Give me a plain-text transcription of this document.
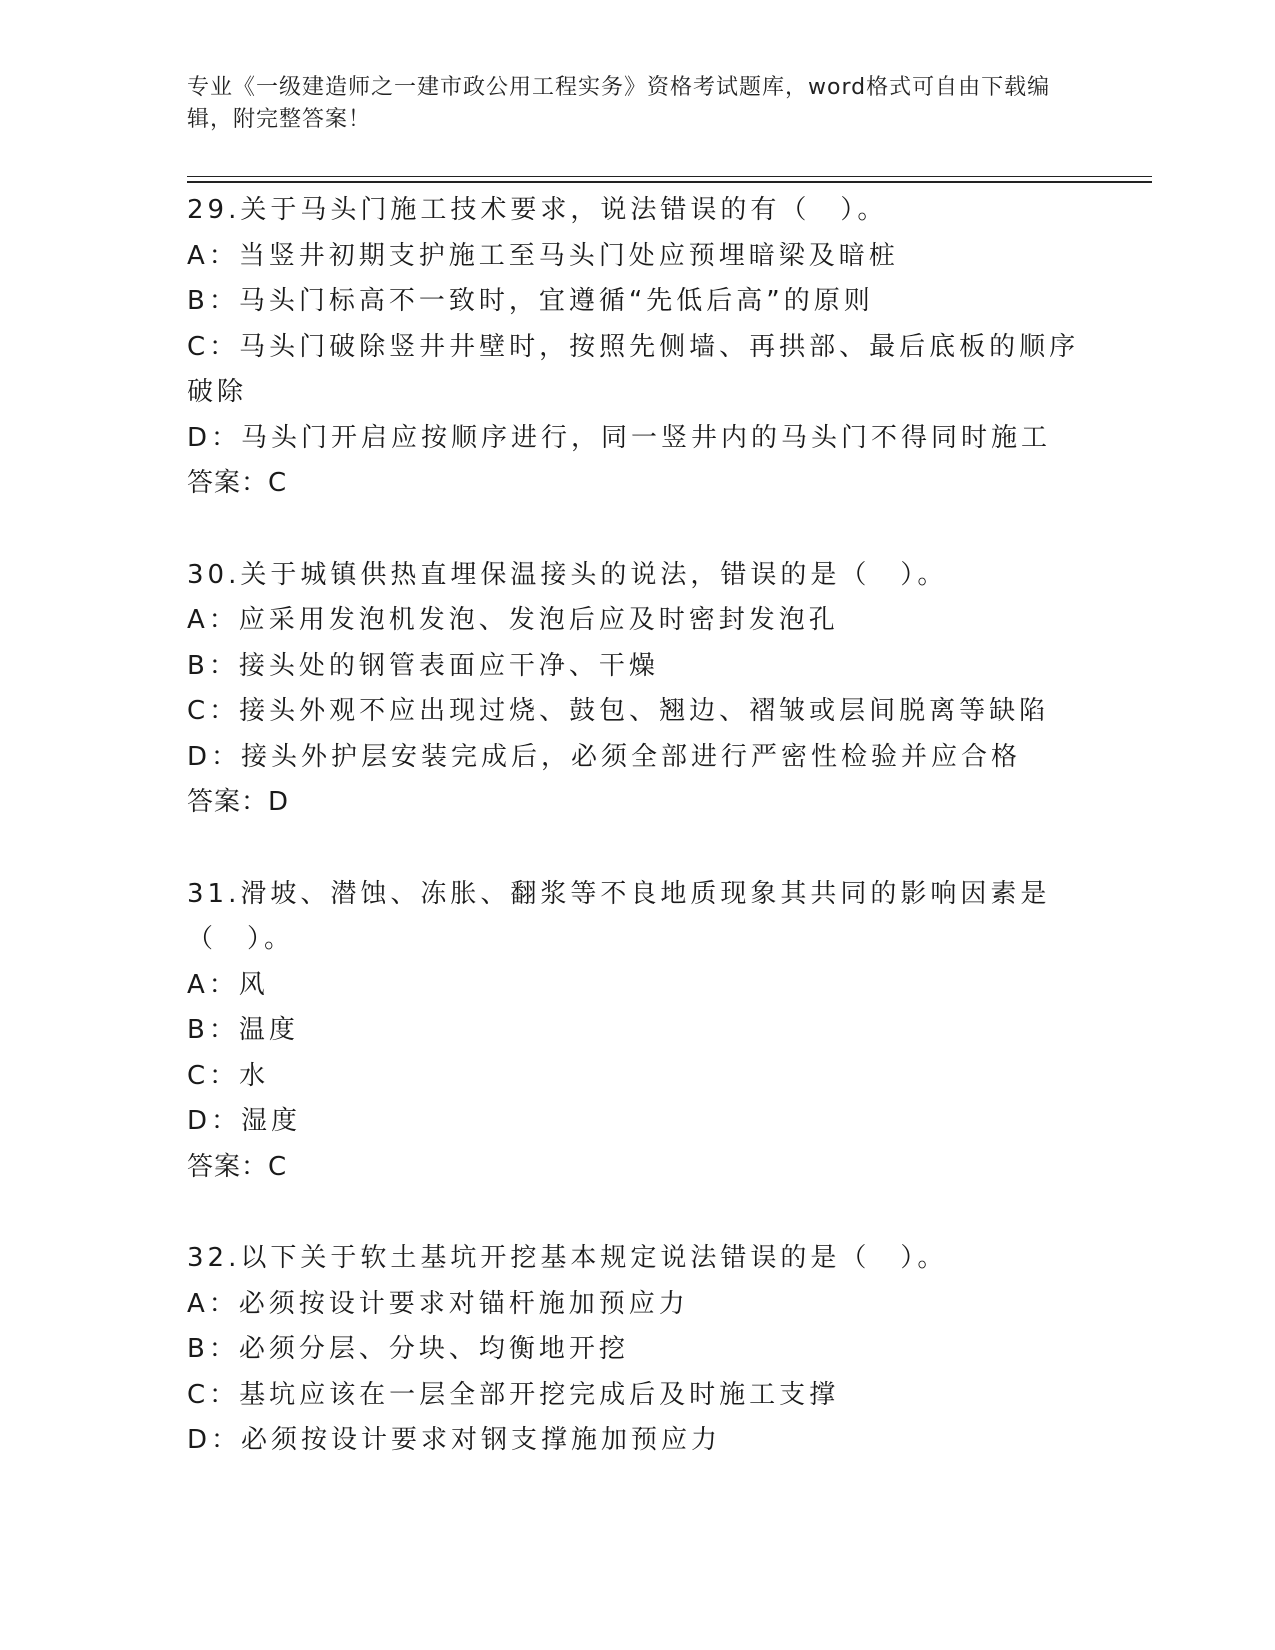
专业《一级建造师之一建市政公用工程实务》资格考试题库，word格式可自由下载编辑，附完整答案！
29.关于马头门施工技术要求，说法错误的有（　）。
A：当竖井初期支护施工至马头门处应预埋暗梁及暗桩
B：马头门标高不一致时，宜遵循“先低后高”的原则
C：马头门破除竖井井壁时，按照先侧墙、再拱部、最后底板的顺序破除
D：马头门开启应按顺序进行，同一竖井内的马头门不得同时施工
答案：C
30.关于城镇供热直埋保温接头的说法，错误的是（　）。
A：应采用发泡机发泡、发泡后应及时密封发泡孔
B：接头处的钢管表面应干净、干燥
C：接头外观不应出现过烧、鼓包、翘边、褶皱或层间脱离等缺陷
D：接头外护层安装完成后，必须全部进行严密性检验并应合格
答案：D
31.滑坡、潜蚀、冻胀、翻浆等不良地质现象其共同的影响因素是（　）。
A：风
B：温度
C：水
D：湿度
答案：C
32.以下关于软土基坑开挖基本规定说法错误的是（　）。
A：必须按设计要求对锚杆施加预应力
B：必须分层、分块、均衡地开挖
C：基坑应该在一层全部开挖完成后及时施工支撑
D：必须按设计要求对钢支撑施加预应力
